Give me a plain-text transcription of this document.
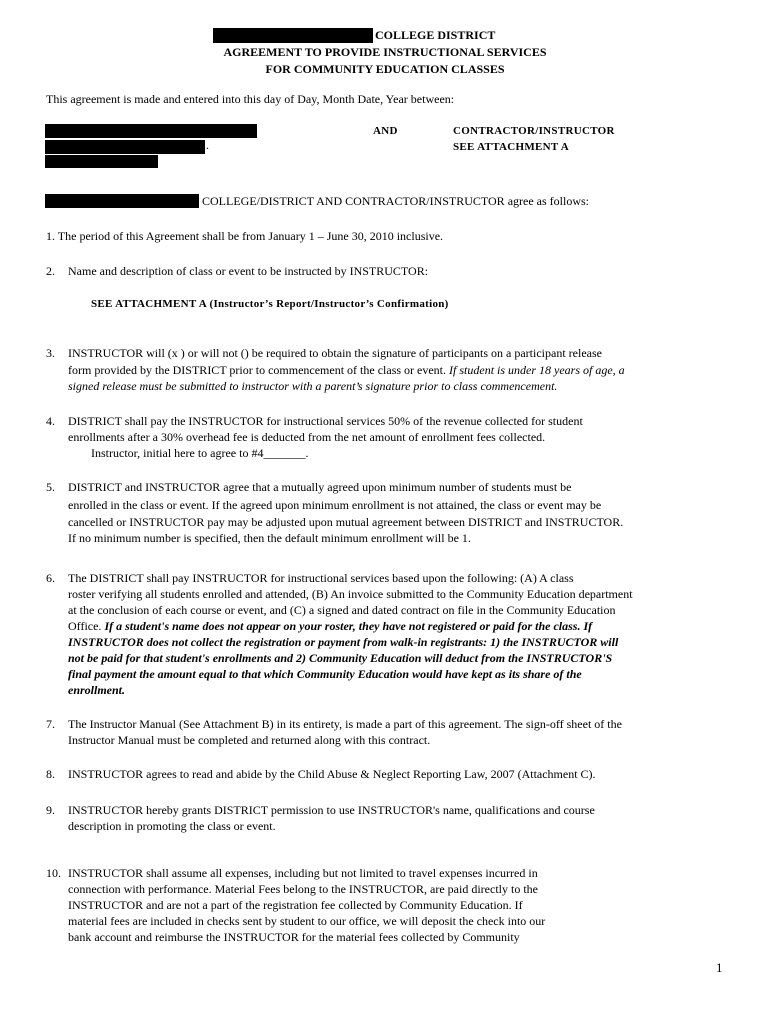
COLLEGE DISTRICT
AGREEMENT TO PROVIDE INSTRUCTIONAL SERVICES
FOR COMMUNITY EDUCATION CLASSES
This agreement is made and entered into this day of Day, Month Date, Year between:
.
AND	CONTRACTOR/INSTRUCTOR
SEE ATTACHMENT A
COLLEGE/DISTRICT AND CONTRACTOR/INSTRUCTOR agree as follows:
1. The period of this Agreement shall be from January 1 – June 30, 2010 inclusive.
2. Name and description of class or event to be instructed by INSTRUCTOR:
SEE ATTACHMENT A (Instructor’s Report/Instructor’s Confirmation)
3. INSTRUCTOR will (x ) or will not () be required to obtain the signature of participants on a participant release
form provided by the DISTRICT prior to commencement of the class or event. If student is under 18 years of age, a
signed release must be submitted to instructor with a parent’s signature prior to class commencement.
4. DISTRICT shall pay the INSTRUCTOR for instructional services 50% of the revenue collected for student
enrollments after a 30% overhead fee is deducted from the net amount of enrollment fees collected.
Instructor, initial here to agree to #4_______.
5. DISTRICT and INSTRUCTOR agree that a mutually agreed upon minimum number of students must be
enrolled in the class or event. If the agreed upon minimum enrollment is not attained, the class or event may be
cancelled or INSTRUCTOR pay may be adjusted upon mutual agreement between DISTRICT and INSTRUCTOR.
If no minimum number is specified, then the default minimum enrollment will be 1.
6. The DISTRICT shall pay INSTRUCTOR for instructional services based upon the following: (A) A class
roster verifying all students enrolled and attended, (B) An invoice submitted to the Community Education department
at the conclusion of each course or event, and (C) a signed and dated contract on file in the Community Education
Office. If a student's name does not appear on your roster, they have not registered or paid for the class. If
INSTRUCTOR does not collect the registration or payment from walk-in registrants: 1) the INSTRUCTOR will
not be paid for that student's enrollments and 2) Community Education will deduct from the INSTRUCTOR'S
final payment the amount equal to that which Community Education would have kept as its share of the
enrollment.
7. The Instructor Manual (See Attachment B) in its entirety, is made a part of this agreement. The sign-off sheet of the
Instructor Manual must be completed and returned along with this contract.
8. INSTRUCTOR agrees to read and abide by the Child Abuse & Neglect Reporting Law, 2007 (Attachment C).
9. INSTRUCTOR hereby grants DISTRICT permission to use INSTRUCTOR's name, qualifications and course
description in promoting the class or event.
10. INSTRUCTOR shall assume all expenses, including but not limited to travel expenses incurred in
connection with performance. Material Fees belong to the INSTRUCTOR, are paid directly to the
INSTRUCTOR and are not a part of the registration fee collected by Community Education. If
material fees are included in checks sent by student to our office, we will deposit the check into our
bank account and reimburse the INSTRUCTOR for the material fees collected by Community
1
